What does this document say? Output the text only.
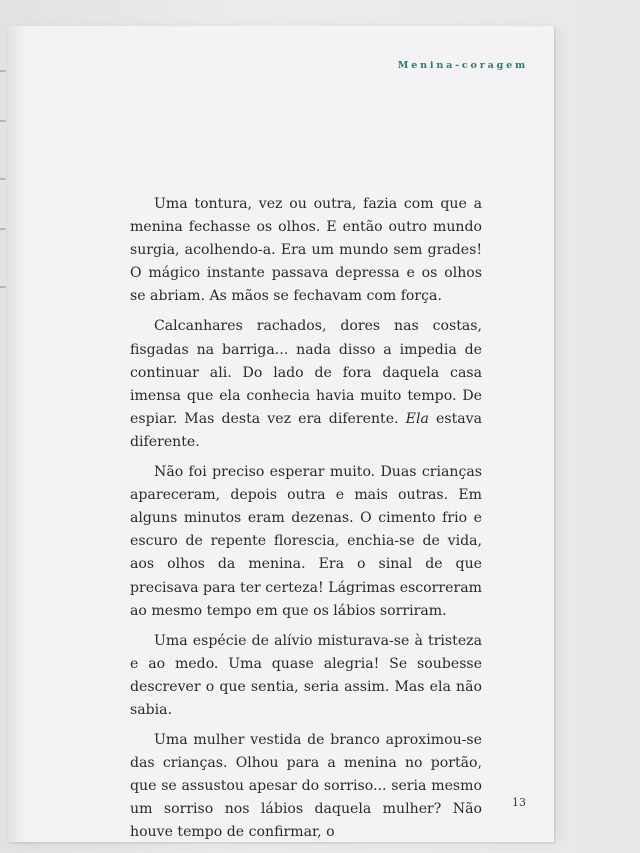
Menina-coragem

Uma tontura, vez ou outra, fazia com que a menina fechasse os olhos. E então outro mundo surgia, acolhendo-a. Era um mundo sem grades! O mágico instante passava depressa e os olhos se abriam. As mãos se fechavam com força.

Calcanhares rachados, dores nas costas, fisgadas na barriga... nada disso a impedia de continuar ali. Do lado de fora daquela casa imensa que ela conhecia havia muito tempo. De espiar. Mas desta vez era diferente. Ela estava diferente.

Não foi preciso esperar muito. Duas crianças apareceram, depois outra e mais outras. Em alguns minutos eram dezenas. O cimento frio e escuro de repente florescia, enchia-se de vida, aos olhos da menina. Era o sinal de que precisava para ter certeza! Lágrimas escorreram ao mesmo tempo em que os lábios sorriram.

Uma espécie de alívio misturava-se à tristeza e ao medo. Uma quase alegria! Se soubesse descrever o que sentia, seria assim. Mas ela não sabia.

Uma mulher vestida de branco aproximou-se das crianças. Olhou para a menina no portão, que se assustou apesar do sorriso... seria mesmo um sorriso nos lábios daquela mulher? Não houve tempo de confirmar, o

13
